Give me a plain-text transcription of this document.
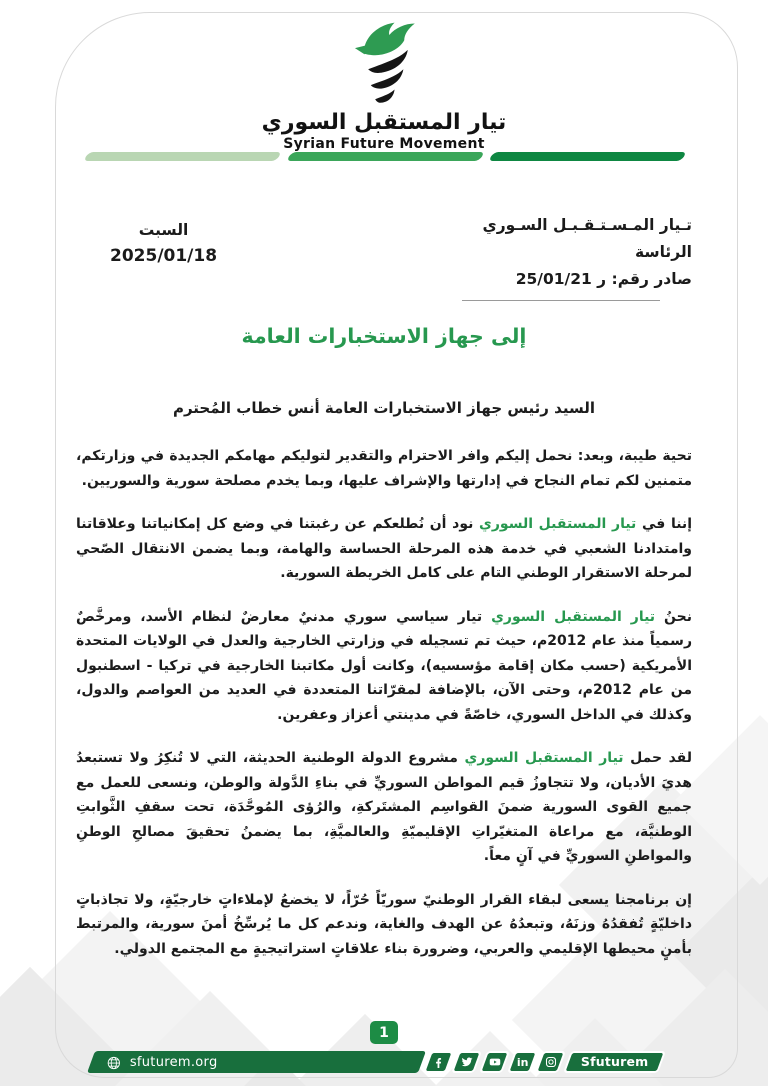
تيار المستقبل السوري
Syrian Future Movement
تـيار المـسـتـقـبـل السـوري
الرئاسة
صادر رقم: ر 25/01/21
السبت
2025/01/18
إلى جهاز الاستخبارات العامة
السيد رئيس جهاز الاستخبارات العامة أنس خطاب المُحترم

تحية طيبة، وبعد: نحمل إليكم وافر الاحترام والتقدير لتوليكم مهامكم الجديدة في وزارتكم، متمنين لكم تمام النجاح في إدارتها والإشراف عليها، وبما يخدم مصلحة سورية والسوريين.

إننا في تيار المستقبل السوري نود أن نُطلعكم عن رغبتنا في وضع كل إمكانياتنا وعلاقاتنا وامتدادنا الشعبي في خدمة هذه المرحلة الحساسة والهامة، وبما يضمن الانتقال الصّحي لمرحلة الاستقرار الوطني التام على كامل الخريطة السورية.

نحنُ تيار المستقبل السوري تيار سياسي سوري مدنيٌ معارضٌ لنظام الأسد، ومرخَّصٌ رسمياً منذ عام 2012م، حيث تم تسجيله في وزارتي الخارجية والعدل في الولايات المتحدة الأمريكية (حسب مكان إقامة مؤسسيه)، وكانت أول مكاتبنا الخارجية في تركيا - اسطنبول من عام 2012م، وحتى الآن، بالإضافة لمقرّاتنا المتعددة في العديد من العواصم والدول، وكذلك في الداخل السوري، خاصّةً في مدينتي أعزاز وعفرين.

لقد حمل تيار المستقبل السوري مشروع الدولة الوطنية الحديثة، التي لا تُنكِرُ ولا تستبعدُ هديَ الأديان، ولا تتجاوزُ قيم المواطن السوريِّ في بناءِ الدَّولة والوطن، ونسعى للعمل مع جميع القوى السورية ضمنَ القواسِم المشتَركةِ، والرُؤى المُوحَّدَة، تحت سقفِ الثَّوابتِ الوطنيَّة، مع مراعاة المتغيّراتِ الإقليميّةِ والعالميَّةِ، بما يضمنُ تحقيقَ مصالحِ الوطنِ والمواطنِ السوريِّ في آنٍ معاً.

إن برنامجنا يسعى لبقاء القرار الوطنيّ سوريّاً حُرّاً، لا يخضعُ لإملاءاتٍ خارجيّةٍ، ولا تجاذباتٍ داخليّةٍ تُفقدُهُ وزنَهُ، وتبعدُهُ عن الهدف والغاية، وندعم كل ما يُرسِّخُ أمنَ سورية، والمرتبط بأمنٍ محيطها الإقليمي والعربي، وضرورة بناء علاقاتٍ استراتيجيةٍ مع المجتمع الدولي.

1
sfuturem.org	in	Sfuturem
